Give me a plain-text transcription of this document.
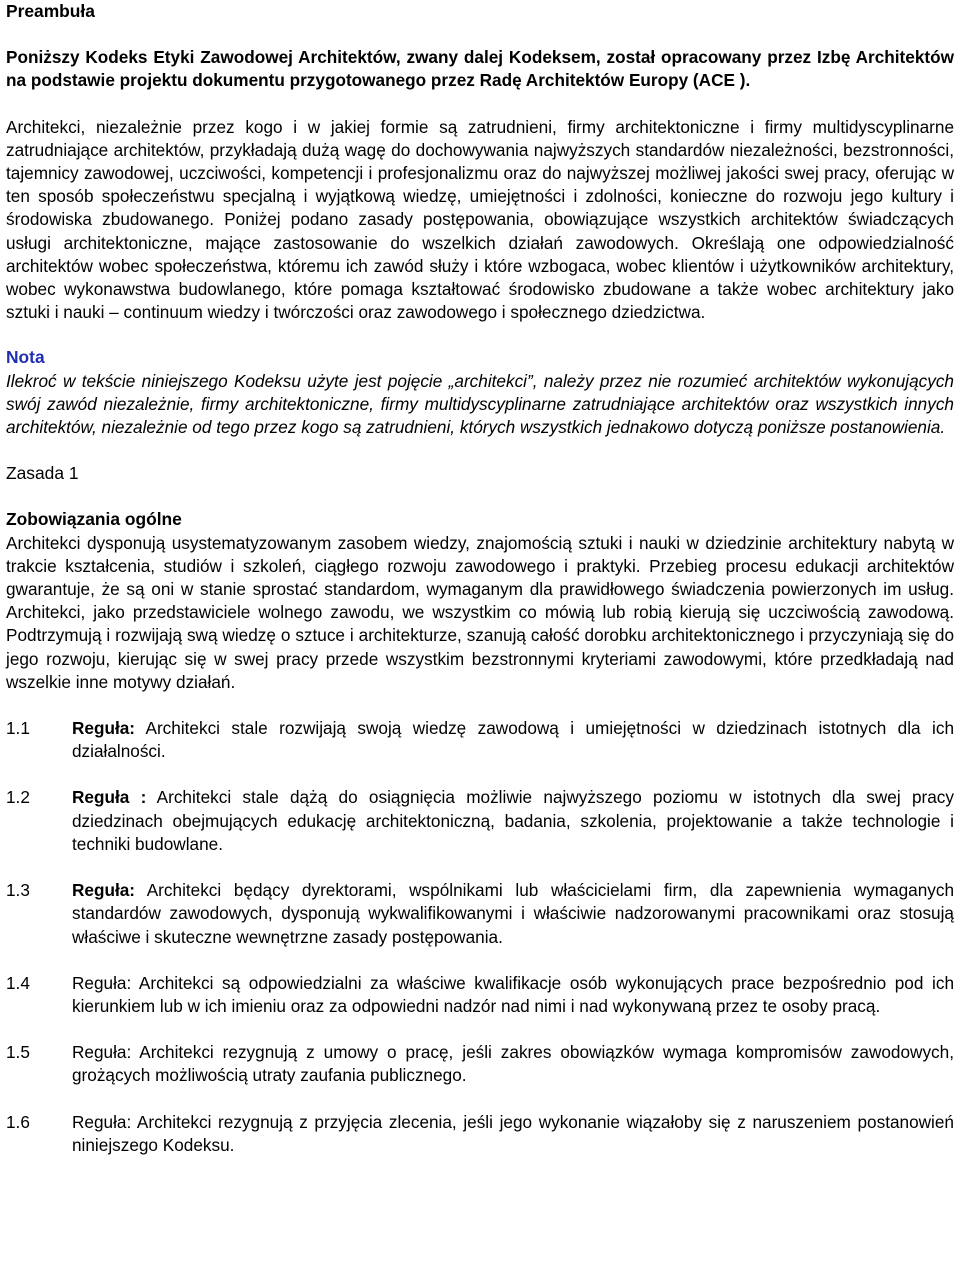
Preambuła

Poniższy Kodeks Etyki Zawodowej Architektów, zwany dalej Kodeksem, został opracowany przez Izbę Architektów na podstawie projektu dokumentu przygotowanego przez Radę Architektów Europy (ACE ).

Architekci, niezależnie przez kogo i w jakiej formie są zatrudnieni, firmy architektoniczne i firmy multidyscyplinarne zatrudniające architektów, przykładają dużą wagę do dochowywania najwyższych standardów niezależności, bezstronności, tajemnicy zawodowej, uczciwości, kompetencji i profesjonalizmu oraz do najwyższej możliwej jakości swej pracy, oferując w ten sposób społeczeństwu specjalną i wyjątkową wiedzę, umiejętności i zdolności, konieczne do rozwoju jego kultury i środowiska zbudowanego. Poniżej podano zasady postępowania, obowiązujące wszystkich architektów świadczących usługi architektoniczne, mające zastosowanie do wszelkich działań zawodowych. Określają one odpowiedzialność architektów wobec społeczeństwa, któremu ich zawód służy i które wzbogaca, wobec klientów i użytkowników architektury, wobec wykonawstwa budowlanego, które pomaga kształtować środowisko zbudowane a także wobec architektury jako sztuki i nauki – continuum wiedzy i twórczości oraz zawodowego i społecznego dziedzictwa.

Nota

Ilekroć w tekście niniejszego Kodeksu użyte jest pojęcie „architekci”, należy przez nie rozumieć architektów wykonujących swój zawód niezależnie, firmy architektoniczne, firmy multidyscyplinarne zatrudniające architektów oraz wszystkich innych architektów, niezależnie od tego przez kogo są zatrudnieni, których wszystkich jednakowo dotyczą poniższe postanowienia.

Zasada 1
Zobowiązania ogólne

Architekci dysponują usystematyzowanym zasobem wiedzy, znajomością sztuki i nauki w dziedzinie architektury nabytą w trakcie kształcenia, studiów i szkoleń, ciągłego rozwoju zawodowego i praktyki. Przebieg procesu edukacji architektów gwarantuje, że są oni w stanie sprostać standardom, wymaganym dla prawidłowego świadczenia powierzonych im usług. Architekci, jako przedstawiciele wolnego zawodu, we wszystkim co mówią lub robią kierują się uczciwością zawodową. Podtrzymują i rozwijają swą wiedzę o sztuce i architekturze, szanują całość dorobku architektonicznego i przyczyniają się do jego rozwoju, kierując się w swej pracy przede wszystkim bezstronnymi kryteriami zawodowymi, które przedkładają nad wszelkie inne motywy działań.

1.1	Reguła: Architekci stale rozwijają swoją wiedzę zawodową i umiejętności w dziedzinach istotnych dla ich działalności.
1.2	Reguła : Architekci stale dążą do osiągnięcia możliwie najwyższego poziomu w istotnych dla swej pracy dziedzinach obejmujących edukację architektoniczną, badania, szkolenia, projektowanie a także technologie i techniki budowlane.
1.3	Reguła: Architekci będący dyrektorami, wspólnikami lub właścicielami firm, dla zapewnienia wymaganych standardów zawodowych, dysponują wykwalifikowanymi i właściwie nadzorowanymi pracownikami oraz stosują właściwe i skuteczne wewnętrzne zasady postępowania.
1.4	Reguła: Architekci są odpowiedzialni za właściwe kwalifikacje osób wykonujących prace bezpośrednio pod ich kierunkiem lub w ich imieniu oraz za odpowiedni nadzór nad nimi i nad wykonywaną przez te osoby pracą.
1.5	Reguła: Architekci rezygnują z umowy o pracę, jeśli zakres obowiązków wymaga kompromisów zawodowych, grożących możliwością utraty zaufania publicznego.
1.6	Reguła: Architekci rezygnują z przyjęcia zlecenia, jeśli jego wykonanie wiązałoby się z naruszeniem postanowień niniejszego Kodeksu.
